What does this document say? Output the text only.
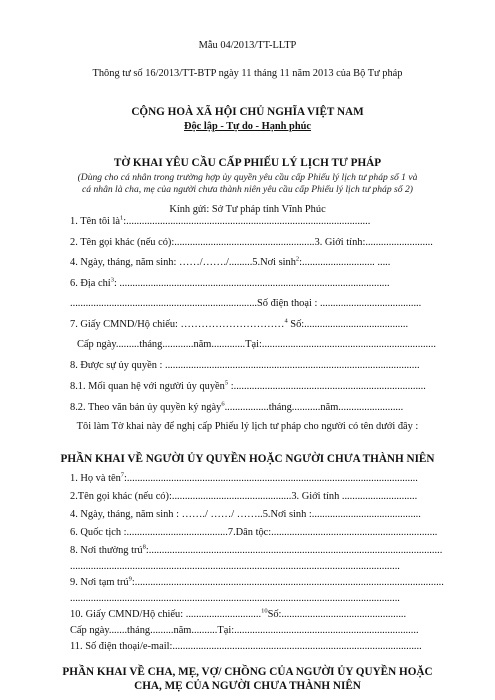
Mẫu 04/2013/TT-LLTP
Thông tư số 16/2013/TT-BTP ngày 11 tháng 11 năm 2013 của Bộ Tư pháp
CỘNG HOÀ XÃ HỘI CHỦ NGHĨA VIỆT NAM
Độc lập - Tự do - Hạnh phúc
TỜ KHAI YÊU CẦU CẤP PHIẾU LÝ LỊCH TƯ PHÁP
(Dùng cho cá nhân trong trường hợp ủy quyền yêu cầu cấp Phiếu lý lịch tư pháp số 1 và
cá nhân là cha, mẹ của người chưa thành niên yêu cầu cấp Phiếu lý lịch tư pháp số 2)
Kính gửi: Sở Tư pháp tỉnh Vĩnh Phúc
1. Tên tôi $là^1$:..............................................................................................
2. Tên gọi khác (nếu có):......................................................3. Giới tính:..........................
4. Ngày, tháng, năm sinh: ……/……./.........5.Nơi $\sinh^2$:............................ .....
6. Địa chỉ$^3$: ........................................................................................................
........................................................................Số điện thoại : .......................................
7. Giấy CMND/Hộ chiếu: …………………………$^4$ Số:........................................
Cấp ngày.........tháng............năm.............Tại:...................................................................
8. Được sự ủy quyền : ..................................................................................................
8.1. Mối quan hệ với người ủy quyền$^5$ :..........................................................................
8.2. Theo văn bản ủy quyền ký ngày$^6$.................tháng...........năm.........................
Tôi làm Tờ khai này để nghị cấp Phiếu lý lịch tư pháp cho người có tên dưới đây :
PHẦN KHAI VỀ NGƯỜI ỦY QUYỀN HOẶC NGƯỜI CHƯA THÀNH NIÊN
1. Họ và tên$^7$:................................................................................................................
2.Tên gọi khác (nếu có):..............................................3. Giới tính .............................
4. Ngày, tháng, năm sinh : ……./ ……/ ……..5.Nơi sinh :..........................................
6. Quốc tịch :.......................................7.Dân tộc:................................................................
8. Nơi thường trú$^8$:.................................................................................................................
...............................................................................................................................
9. Nơi tạm trú$^9$:.......................................................................................................................
...............................................................................................................................
10. Giấy CMND/Hộ chiếu: .............................$^{10}$Số:................................................
Cấp ngày.......tháng.........năm..........Tại:.......................................................................
11. Số điện thoại/e-mail:................................................................................................
PHẦN KHAI VỀ CHA, MẸ, VỢ/ CHỒNG CỦA NGƯỜI ỦY QUYỀN HOẶC
CHA, MẸ CỦA NGƯỜI CHƯA THÀNH NIÊN
